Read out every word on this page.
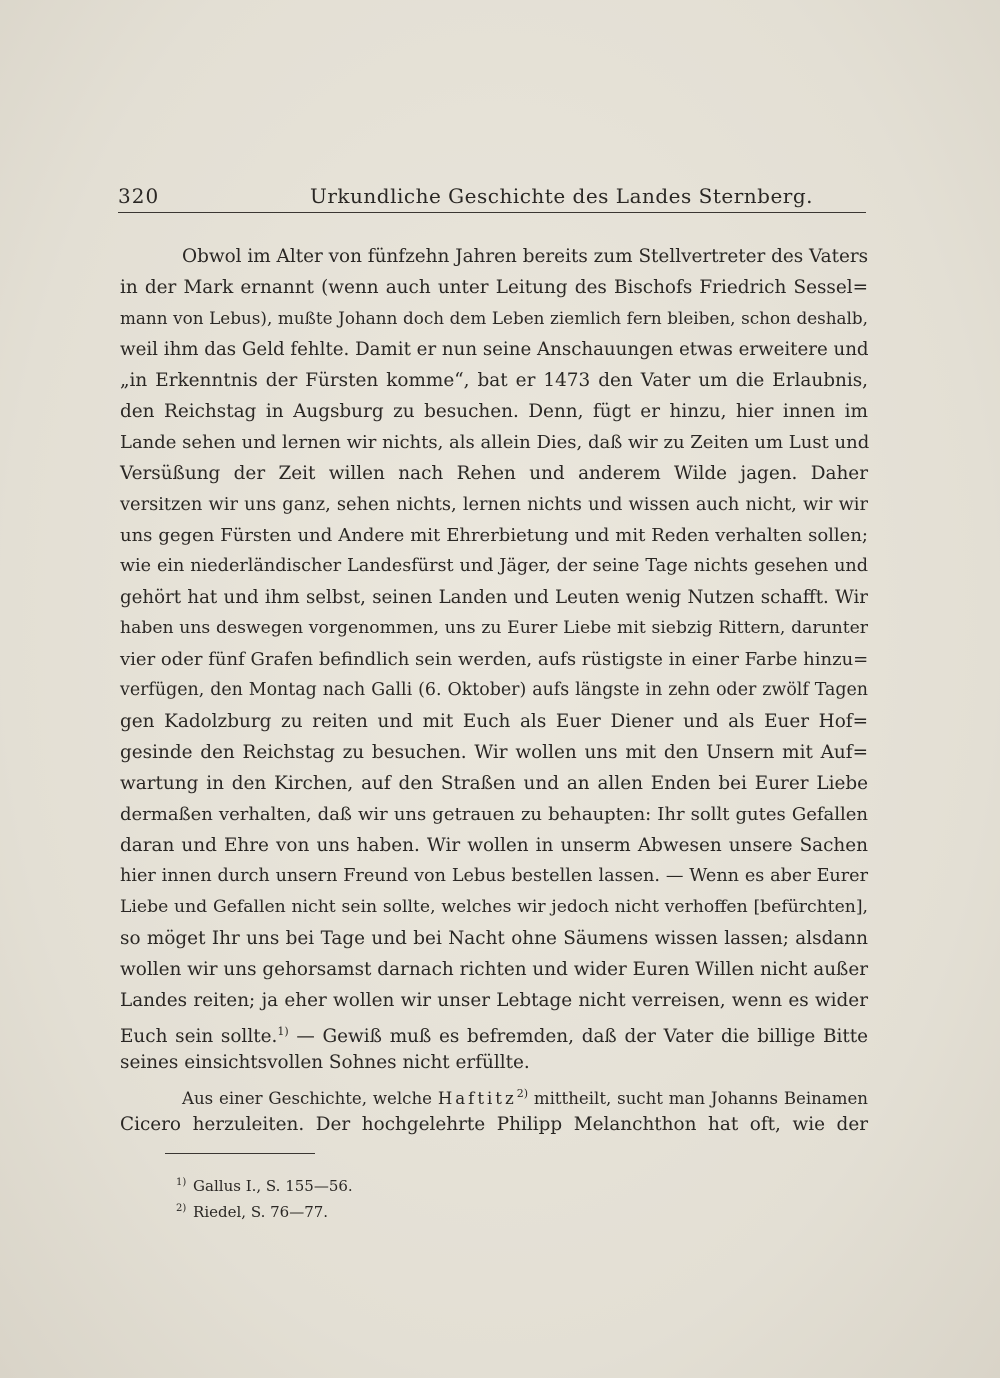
320	Urkundliche Geschichte des Landes Sternberg.
Obwol im Alter von fünfzehn Jahren bereits zum Stellvertreter des Vaters
in der Mark ernannt (wenn auch unter Leitung des Bischofs Friedrich Sessel=
mann von Lebus), mußte Johann doch dem Leben ziemlich fern bleiben, schon deshalb,
weil ihm das Geld fehlte. Damit er nun seine Anschauungen etwas erweitere und
„in Erkenntnis der Fürsten komme“, bat er 1473 den Vater um die Erlaubnis,
den Reichstag in Augsburg zu besuchen. Denn, fügt er hinzu, hier innen im
Lande sehen und lernen wir nichts, als allein Dies, daß wir zu Zeiten um Lust und
Versüßung der Zeit willen nach Rehen und anderem Wilde jagen. Daher
versitzen wir uns ganz, sehen nichts, lernen nichts und wissen auch nicht, wir wir
uns gegen Fürsten und Andere mit Ehrerbietung und mit Reden verhalten sollen;
wie ein niederländischer Landesfürst und Jäger, der seine Tage nichts gesehen und
gehört hat und ihm selbst, seinen Landen und Leuten wenig Nutzen schafft. Wir
haben uns deswegen vorgenommen, uns zu Eurer Liebe mit siebzig Rittern, darunter
vier oder fünf Grafen befindlich sein werden, aufs rüstigste in einer Farbe hinzu=
verfügen, den Montag nach Galli (6. Oktober) aufs längste in zehn oder zwölf Tagen
gen Kadolzburg zu reiten und mit Euch als Euer Diener und als Euer Hof=
gesinde den Reichstag zu besuchen. Wir wollen uns mit den Unsern mit Auf=
wartung in den Kirchen, auf den Straßen und an allen Enden bei Eurer Liebe
dermaßen verhalten, daß wir uns getrauen zu behaupten: Ihr sollt gutes Gefallen
daran und Ehre von uns haben. Wir wollen in unserm Abwesen unsere Sachen
hier innen durch unsern Freund von Lebus bestellen lassen. — Wenn es aber Eurer
Liebe und Gefallen nicht sein sollte, welches wir jedoch nicht verhoffen [befürchten],
so möget Ihr uns bei Tage und bei Nacht ohne Säumens wissen lassen; alsdann
wollen wir uns gehorsamst darnach richten und wider Euren Willen nicht außer
Landes reiten; ja eher wollen wir unser Lebtage nicht verreisen, wenn es wider
Euch sein sollte.$^{1)}$ — Gewiß muß es befremden, daß der Vater die billige Bitte
seines einsichtsvollen Sohnes nicht erfüllte.
Aus einer Geschichte, welche Haftitz$^{2)}$ mittheilt, sucht man Johanns Beinamen
Cicero herzuleiten. Der hochgelehrte Philipp Melanchthon hat oft, wie der
$^{1)}$ Gallus I., S. 155—56.
$^{2)}$ Riedel, S. 76—77.
